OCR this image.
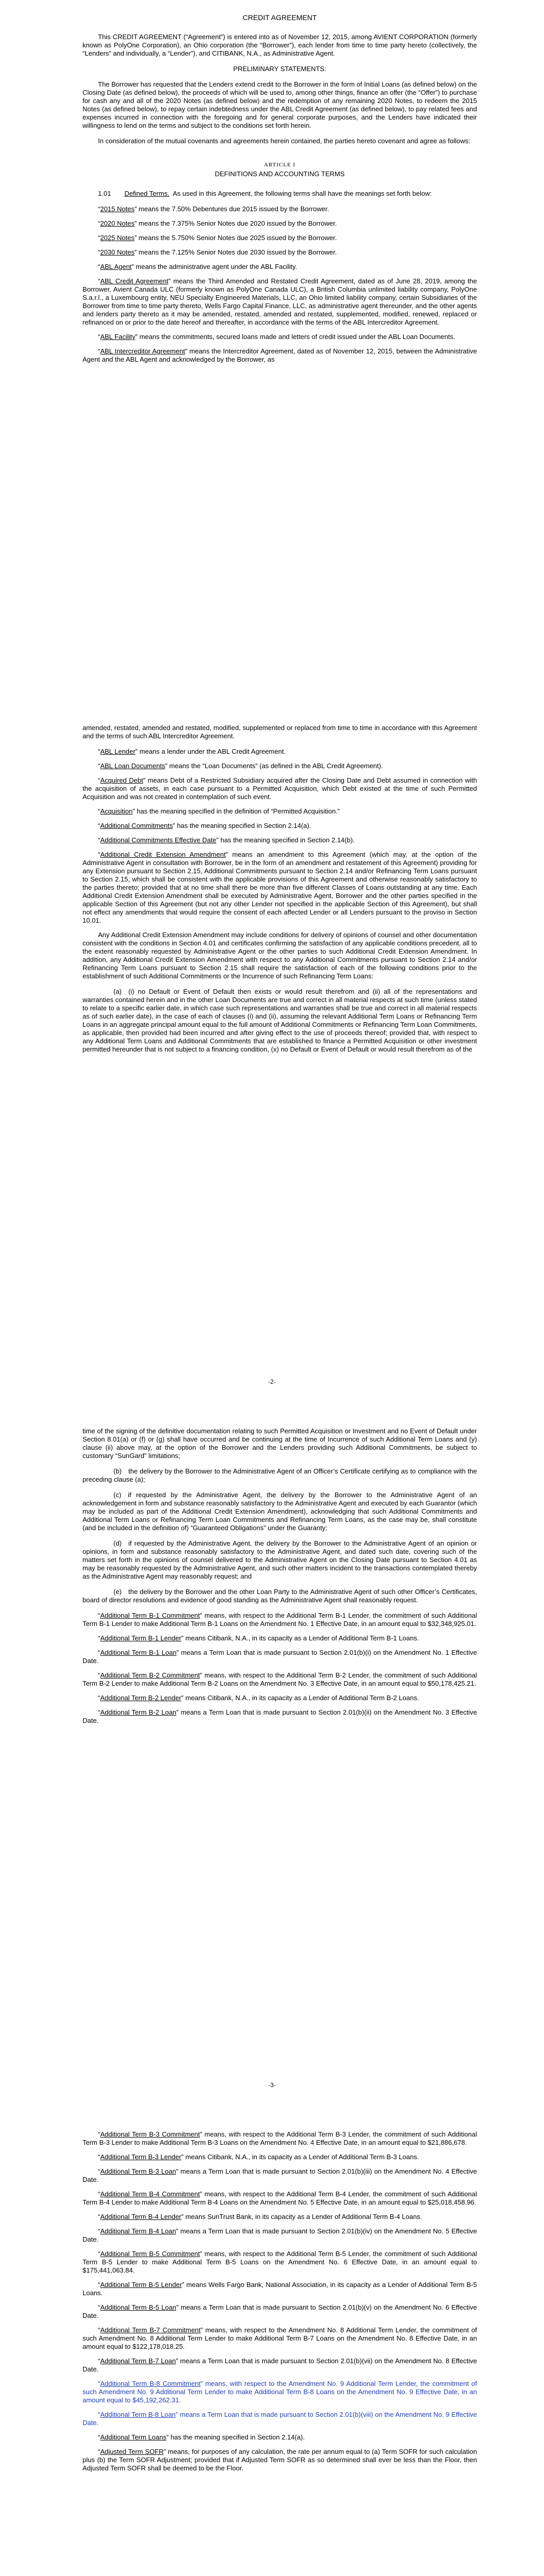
CREDIT AGREEMENT

This CREDIT AGREEMENT (“Agreement”) is entered into as of November 12, 2015, among AVIENT CORPORATION (formerly known as PolyOne Corporation), an Ohio corporation (the “Borrower”), each lender from time to time party hereto (collectively, the “Lenders” and individually, a “Lender”), and CITIBANK, N.A., as Administrative Agent.

PRELIMINARY STATEMENTS:

The Borrower has requested that the Lenders extend credit to the Borrower in the form of Initial Loans (as defined below) on the Closing Date (as defined below), the proceeds of which will be used to, among other things, finance an offer (the “Offer”) to purchase for cash any and all of the 2020 Notes (as defined below) and the redemption of any remaining 2020 Notes, to redeem the 2015 Notes (as defined below), to repay certain indebtedness under the ABL Credit Agreement (as defined below), to pay related fees and expenses incurred in connection with the foregoing and for general corporate purposes, and the Lenders have indicated their willingness to lend on the terms and subject to the conditions set forth herein.

In consideration of the mutual covenants and agreements herein contained, the parties hereto covenant and agree as follows:

ARTICLE I
DEFINITIONS AND ACCOUNTING TERMS

1.01   Defined Terms.  As used in this Agreement, the following terms shall have the meanings set forth below:

“2015 Notes” means the 7.50% Debentures due 2015 issued by the Borrower.

“2020 Notes” means the 7.375% Senior Notes due 2020 issued by the Borrower.

“2025 Notes” means the 5.750% Senior Notes due 2025 issued by the Borrower.

“2030 Notes” means the 7.125% Senior Notes due 2030 issued by the Borrower.

“ABL Agent” means the administrative agent under the ABL Facility.

“ABL Credit Agreement” means the Third Amended and Restated Credit Agreement, dated as of June 28, 2019, among the Borrower, Avient Canada ULC (formerly known as PolyOne Canada ULC), a British Columbia unlimited liability company, PolyOne S.a.r.l., a Luxembourg entity, NEU Specialty Engineered Materials, LLC, an Ohio limited liability company, certain Subsidiaries of the Borrower from time to time party thereto, Wells Fargo Capital Finance, LLC, as administrative agent thereunder, and the other agents and lenders party thereto as it may be amended, restated, amended and restated, supplemented, modified, renewed, replaced or refinanced on or prior to the date hereof and thereafter, in accordance with the terms of the ABL Intercreditor Agreement.

“ABL Facility” means the commitments, secured loans made and letters of credit issued under the ABL Loan Documents.

“ABL Intercreditor Agreement” means the Intercreditor Agreement, dated as of November 12, 2015, between the Administrative Agent and the ABL Agent and acknowledged by the Borrower, as

amended, restated, amended and restated, modified, supplemented or replaced from time to time in accordance with this Agreement and the terms of such ABL Intercreditor Agreement.

“ABL Lender” means a lender under the ABL Credit Agreement.

“ABL Loan Documents” means the “Loan Documents” (as defined in the ABL Credit Agreement).

“Acquired Debt” means Debt of a Restricted Subsidiary acquired after the Closing Date and Debt assumed in connection with the acquisition of assets, in each case pursuant to a Permitted Acquisition, which Debt existed at the time of such Permitted Acquisition and was not created in contemplation of such event.

“Acquisition” has the meaning specified in the definition of “Permitted Acquisition.”

“Additional Commitments” has the meaning specified in Section 2.14(a).

“Additional Commitments Effective Date” has the meaning specified in Section 2.14(b).

“Additional Credit Extension Amendment” means an amendment to this Agreement (which may, at the option of the Administrative Agent in consultation with Borrower, be in the form of an amendment and restatement of this Agreement) providing for any Extension pursuant to Section 2.15, Additional Commitments pursuant to Section 2.14 and/or Refinancing Term Loans pursuant to Section 2.15, which shall be consistent with the applicable provisions of this Agreement and otherwise reasonably satisfactory to the parties thereto; provided that at no time shall there be more than five different Classes of Loans outstanding at any time. Each Additional Credit Extension Amendment shall be executed by Administrative Agent, Borrower and the other parties specified in the applicable Section of this Agreement (but not any other Lender not specified in the applicable Section of this Agreement), but shall not effect any amendments that would require the consent of each affected Lender or all Lenders pursuant to the proviso in Section 10.01.

Any Additional Credit Extension Amendment may include conditions for delivery of opinions of counsel and other documentation consistent with the conditions in Section 4.01 and certificates confirming the satisfaction of any applicable conditions precedent, all to the extent reasonably requested by Administrative Agent or the other parties to such Additional Credit Extension Amendment. In addition, any Additional Credit Extension Amendment with respect to any Additional Commitments pursuant to Section 2.14 and/or Refinancing Term Loans pursuant to Section 2.15 shall require the satisfaction of each of the following conditions prior to the establishment of such Additional Commitments or the Incurrence of such Refinancing Term Loans:

(a) (i) no Default or Event of Default then exists or would result therefrom and (ii) all of the representations and warranties contained herein and in the other Loan Documents are true and correct in all material respects at such time (unless stated to relate to a specific earlier date, in which case such representations and warranties shall be true and correct in all material respects as of such earlier date), in the case of each of clauses (i) and (ii), assuming the relevant Additional Term Loans or Refinancing Term Loans in an aggregate principal amount equal to the full amount of Additional Commitments or Refinancing Term Loan Commitments, as applicable, then provided had been incurred and after giving effect to the use of proceeds thereof; provided that, with respect to any Additional Term Loans and Additional Commitments that are established to finance a Permitted Acquisition or other investment permitted hereunder that is not subject to a financing condition, (x) no Default or Event of Default or would result therefrom as of the

-2-

time of the signing of the definitive documentation relating to such Permitted Acquisition or Investment and no Event of Default under Section 8.01(a) or (f) or (g) shall have occurred and be continuing at the time of Incurrence of such Additional Term Loans and (y) clause (ii) above may, at the option of the Borrower and the Lenders providing such Additional Commitments, be subject to customary “SunGard” limitations;

(b) the delivery by the Borrower to the Administrative Agent of an Officer’s Certificate certifying as to compliance with the preceding clause (a);

(c) if requested by the Administrative Agent, the delivery by the Borrower to the Administrative Agent of an acknowledgement in form and substance reasonably satisfactory to the Administrative Agent and executed by each Guarantor (which may be included as part of the Additional Credit Extension Amendment), acknowledging that such Additional Commitments and Additional Term Loans or Refinancing Term Loan Commitments and Refinancing Term Loans, as the case may be, shall constitute (and be included in the definition of) “Guaranteed Obligations” under the Guaranty;

(d) if requested by the Administrative Agent, the delivery by the Borrower to the Administrative Agent of an opinion or opinions, in form and substance reasonably satisfactory to the Administrative Agent, and dated such date, covering such of the matters set forth in the opinions of counsel delivered to the Administrative Agent on the Closing Date pursuant to Section 4.01 as may be reasonably requested by the Administrative Agent, and such other matters incident to the transactions contemplated thereby as the Administrative Agent may reasonably request; and

(e) the delivery by the Borrower and the other Loan Party to the Administrative Agent of such other Officer’s Certificates, board of director resolutions and evidence of good standing as the Administrative Agent shall reasonably request.

“Additional Term B-1 Commitment” means, with respect to the Additional Term B-1 Lender, the commitment of such Additional Term B-1 Lender to make Additional Term B-1 Loans on the Amendment No. 1 Effective Date, in an amount equal to $32,348,925.01.

“Additional Term B-1 Lender” means Citibank, N.A., in its capacity as a Lender of Additional Term B-1 Loans.

“Additional Term B-1 Loan” means a Term Loan that is made pursuant to Section 2.01(b)(i) on the Amendment No. 1 Effective Date.

“Additional Term B-2 Commitment” means, with respect to the Additional Term B-2 Lender, the commitment of such Additional Term B-2 Lender to make Additional Term B-2 Loans on the Amendment No. 3 Effective Date, in an amount equal to $50,178,425.21.

“Additional Term B-2 Lender” means Citibank, N.A., in its capacity as a Lender of Additional Term B-2 Loans.

“Additional Term B-2 Loan” means a Term Loan that is made pursuant to Section 2.01(b)(ii) on the Amendment No. 3 Effective Date.

-3-

“Additional Term B-3 Commitment” means, with respect to the Additional Term B-3 Lender, the commitment of such Additional Term B-3 Lender to make Additional Term B-3 Loans on the Amendment No. 4 Effective Date, in an amount equal to $21,886,678.

“Additional Term B-3 Lender” means Citibank, N.A., in its capacity as a Lender of Additional Term B-3 Loans.

“Additional Term B-3 Loan” means a Term Loan that is made pursuant to Section 2.01(b)(iii) on the Amendment No. 4 Effective Date.

“Additional Term B-4 Commitment” means, with respect to the Additional Term B-4 Lender, the commitment of such Additional Term B-4 Lender to make Additional Term B-4 Loans on the Amendment No. 5 Effective Date, in an amount equal to $25,018,458.96.

“Additional Term B-4 Lender” means SunTrust Bank, in its capacity as a Lender of Additional Term B-4 Loans.

“Additional Term B-4 Loan” means a Term Loan that is made pursuant to Section 2.01(b)(iv) on the Amendment No. 5 Effective Date.

“Additional Term B-5 Commitment” means, with respect to the Additional Term B-5 Lender, the commitment of such Additional Term B-5 Lender to make Additional Term B-5 Loans on the Amendment No. 6 Effective Date, in an amount equal to $175,441,063.84.

“Additional Term B-5 Lender” means Wells Fargo Bank, National Association, in its capacity as a Lender of Additional Term B-5 Loans.

“Additional Term B-5 Loan” means a Term Loan that is made pursuant to Section 2.01(b)(v) on the Amendment No. 6 Effective Date.

“Additional Term B-7 Commitment” means, with respect to the Amendment No. 8 Additional Term Lender, the commitment of such Amendment No. 8 Additional Term Lender to make Additional Term B-7 Loans on the Amendment No. 8 Effective Date, in an amount equal to $122,178,018.25.

“Additional Term B-7 Loan” means a Term Loan that is made pursuant to Section 2.01(b)(vii) on the Amendment No. 8 Effective Date.

“Additional Term B-8 Commitment” means, with respect to the Amendment No. 9 Additional Term Lender, the commitment of such Amendment No. 9 Additional Term Lender to make Additional Term B-8 Loans on the Amendment No. 9 Effective Date, in an amount equal to $45,192,262.31.

“Additional Term B-8 Loan” means a Term Loan that is made pursuant to Section 2.01(b)(viii) on the Amendment No. 9 Effective Date.

“Additional Term Loans” has the meaning specified in Section 2.14(a).

“Adjusted Term SOFR” means, for purposes of any calculation, the rate per annum equal to (a) Term SOFR for such calculation plus (b) the Term SOFR Adjustment; provided that if Adjusted Term SOFR as so determined shall ever be less than the Floor, then Adjusted Term SOFR shall be deemed to be the Floor.
